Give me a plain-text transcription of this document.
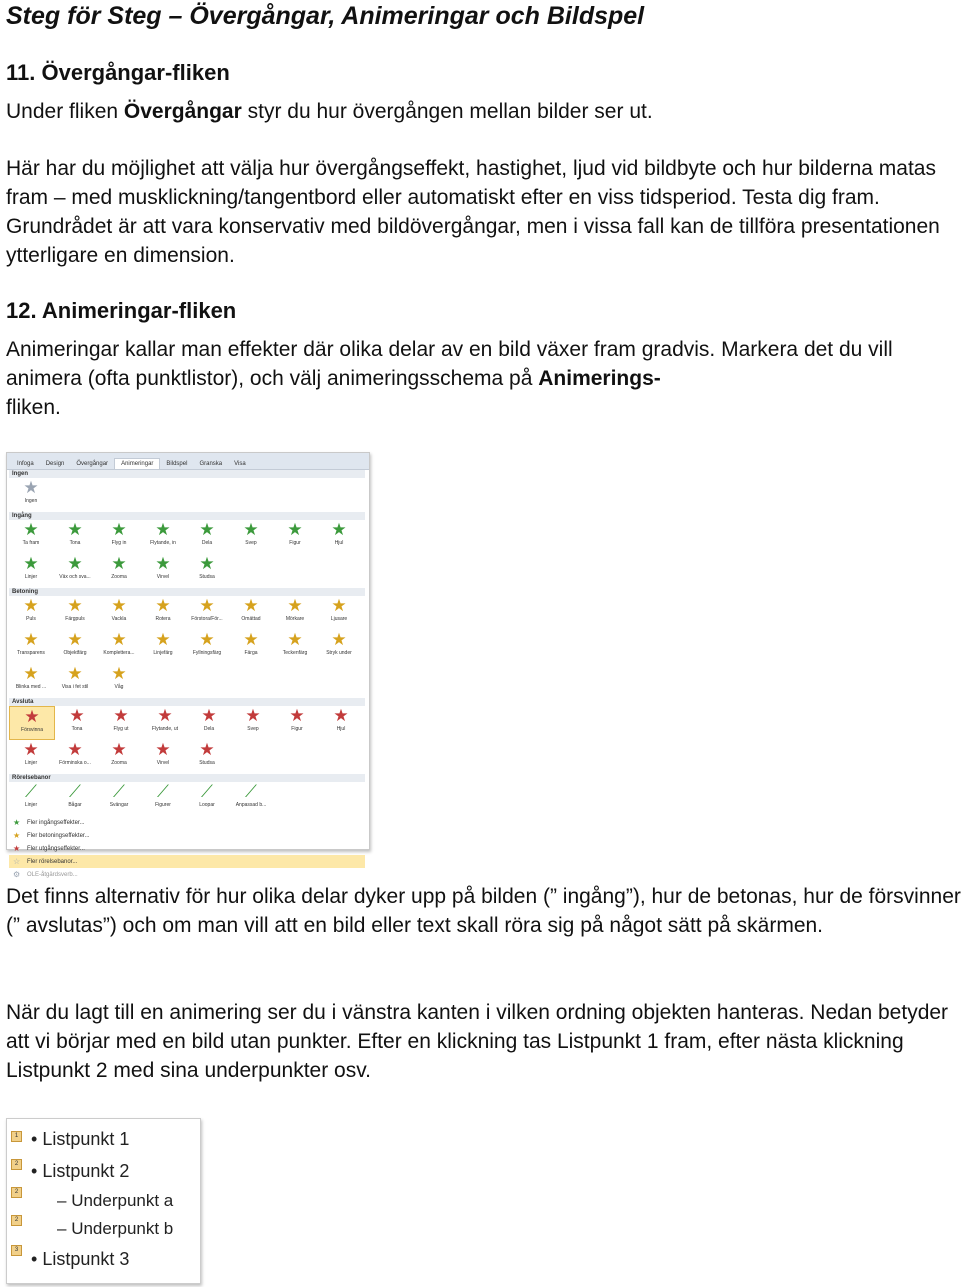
Steg för Steg – Övergångar, Animeringar och Bildspel
11. Övergångar-fliken

Under fliken Övergångar styr du hur övergången mellan bilder ser ut.

Här har du möjlighet att välja hur övergångseffekt, hastighet, ljud vid bildbyte och hur bilderna matas fram – med musklickning/tangentbord eller automatiskt efter en viss tidsperiod. Testa dig fram. Grundrådet är att vara konservativ med bildövergångar, men i vissa fall kan de tillföra presentationen ytterligare en dimension.

12. Animeringar-fliken

Animeringar kallar man effekter där olika delar av en bild växer fram gradvis. Markera det du vill animera (ofta punktlistor), och välj animeringsschema på Animerings-
fliken.

Infoga	Design	Övergångar	Animeringar	Bildspel	Granska	Visa
Ingen
★
Ingen
Ingång
★
Ta fram
★
Tona
★
Flyg in
★
Flytande, in
★
Dela
★
Svep
★
Figur
★
Hjul
★
Linjer
★
Väx och sva...
★
Zooma
★
Virvel
★
Studsa
Betoning
★
Puls
★
Färgpuls
★
Vackla
★
Rotera
★
Förstora/För...
★
Omättad
★
Mörkare
★
Ljusare
★
Transparens
★
Objektfärg
★
Komplettera...
★
Linjefärg
★
Fyllningsfärg
★
Färga
★
Teckenfärg
★
Stryk under
★
Blinka med ...
★
Visa i fet stil
★
Våg
Avsluta
★
Försvinna
★
Tona
★
Flyg ut
★
Flytande, ut
★
Dela
★
Svep
★
Figur
★
Hjul
★
Linjer
★
Förminska o...
★
Zooma
★
Virvel
★
Studsa
Rörelsebanor
⟋
Linjer
⟋
Bågar
⟋
Svängar
⟋
Figurer
⟋
Loopar
⟋
Anpassad b...
★	Fler ingångseffekter...
★	Fler betoningseffekter...
★	Fler utgångseffekter...
☆	Fler rörelsebanor...
⚙	OLE-åtgärdsverb...

Det finns alternativ för hur olika delar dyker upp på bilden (” ingång”), hur de betonas, hur de försvinner (” avslutas”) och om man vill att en bild eller text skall röra sig på något sätt på skärmen.

När du lagt till en animering ser du i vänstra kanten i vilken ordning objekten hanteras. Nedan betyder att vi börjar med en bild utan punkter. Efter en klickning tas Listpunkt 1 fram, efter nästa klickning Listpunkt 2 med sina underpunkter osv.

1
2
2
2
3
• Listpunkt 1
• Listpunkt 2
– Underpunkt a
– Underpunkt b
• Listpunkt 3
